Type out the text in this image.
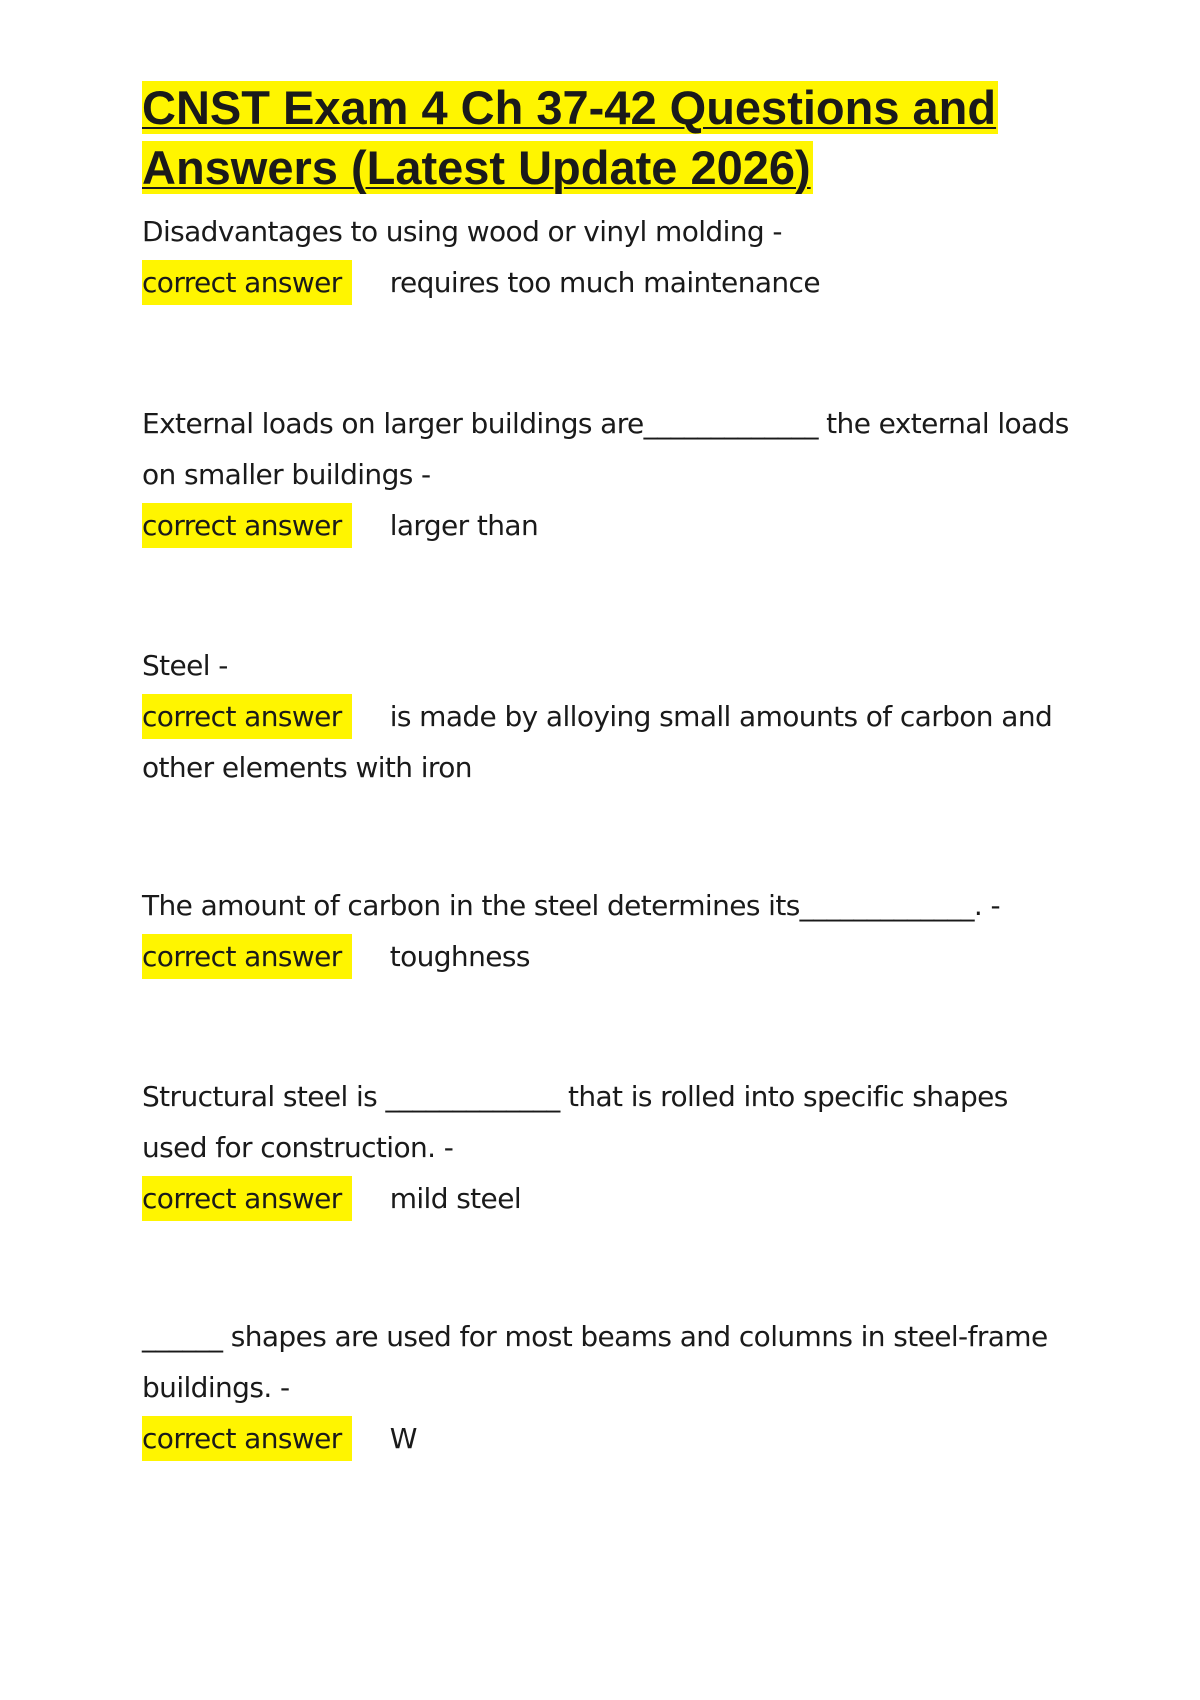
CNST Exam 4 Ch 37-42 Questions and Answers (Latest Update 2026)

Disadvantages to using wood or vinyl molding -

correct answer requires too much maintenance

External loads on larger buildings are_____________ the external loads on smaller buildings -

correct answer larger than

Steel -

correct answer is made by alloying small amounts of carbon and other elements with iron

The amount of carbon in the steel determines its_____________. -

correct answer toughness

Structural steel is _____________ that is rolled into specific shapes used for construction. -

correct answer mild steel

______ shapes are used for most beams and columns in steel-frame buildings. -

correct answer W
